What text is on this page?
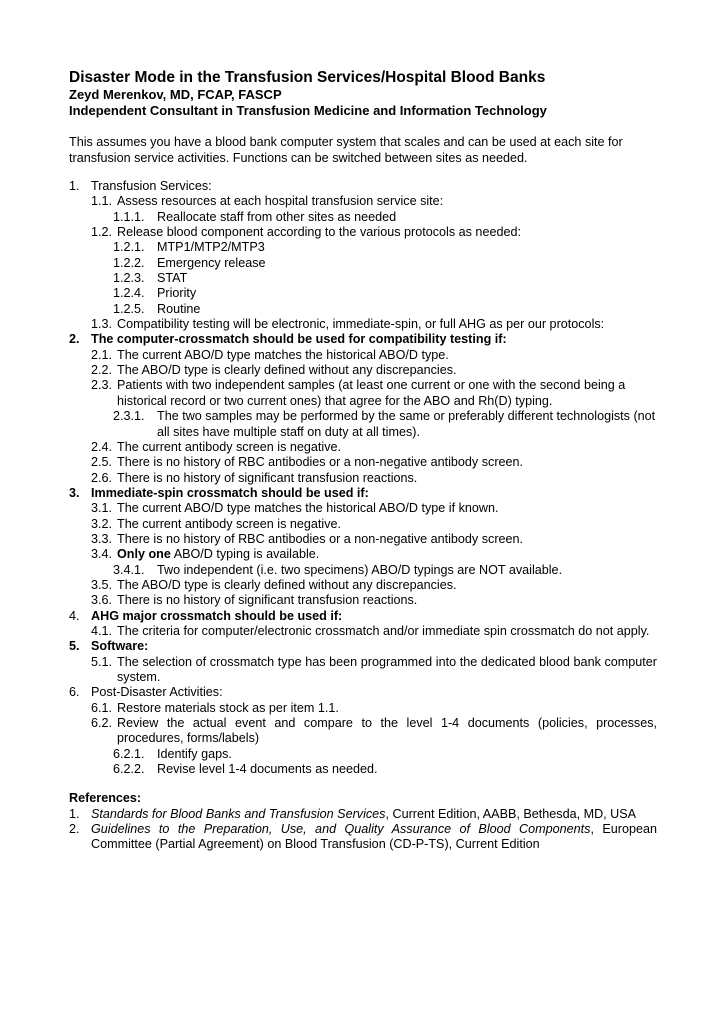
Disaster Mode in the Transfusion Services/Hospital Blood Banks
Zeyd Merenkov, MD, FCAP, FASCP
Independent Consultant in Transfusion Medicine and Information Technology

This assumes you have a blood bank computer system that scales and can be used at each site for transfusion service activities. Functions can be switched between sites as needed.

1. Transfusion Services:
1.1. Assess resources at each hospital transfusion service site:
1.1.1. Reallocate staff from other sites as needed
1.2. Release blood component according to the various protocols as needed:
1.2.1. MTP1/MTP2/MTP3
1.2.2. Emergency release
1.2.3. STAT
1.2.4. Priority
1.2.5. Routine
1.3. Compatibility testing will be electronic, immediate-spin, or full AHG as per our protocols:
2. The computer-crossmatch should be used for compatibility testing if:
2.1. The current ABO/D type matches the historical ABO/D type.
2.2. The ABO/D type is clearly defined without any discrepancies.
2.3. Patients with two independent samples (at least one current or one with the second being a historical record or two current ones) that agree for the ABO and Rh(D) typing.
2.3.1. The two samples may be performed by the same or preferably different technologists (not all sites have multiple staff on duty at all times).
2.4. The current antibody screen is negative.
2.5. There is no history of RBC antibodies or a non-negative antibody screen.
2.6. There is no history of significant transfusion reactions.
3. Immediate-spin crossmatch should be used if:
3.1. The current ABO/D type matches the historical ABO/D type if known.
3.2. The current antibody screen is negative.
3.3. There is no history of RBC antibodies or a non-negative antibody screen.
3.4. Only one ABO/D typing is available.
3.4.1. Two independent (i.e. two specimens) ABO/D typings are NOT available.
3.5. The ABO/D type is clearly defined without any discrepancies.
3.6. There is no history of significant transfusion reactions.
4. AHG major crossmatch should be used if:
4.1. The criteria for computer/electronic crossmatch and/or immediate spin crossmatch do not apply.
5. Software:
5.1. The selection of crossmatch type has been programmed into the dedicated blood bank computer system.
6. Post-Disaster Activities:
6.1. Restore materials stock as per item 1.1.
6.2. Review the actual event and compare to the level 1-4 documents (policies, processes, procedures, forms/labels)
6.2.1. Identify gaps.
6.2.2. Revise level 1-4 documents as needed.
References:
1. Standards for Blood Banks and Transfusion Services, Current Edition, AABB, Bethesda, MD, USA
2. Guidelines to the Preparation, Use, and Quality Assurance of Blood Components, European Committee (Partial Agreement) on Blood Transfusion (CD-P-TS), Current Edition
